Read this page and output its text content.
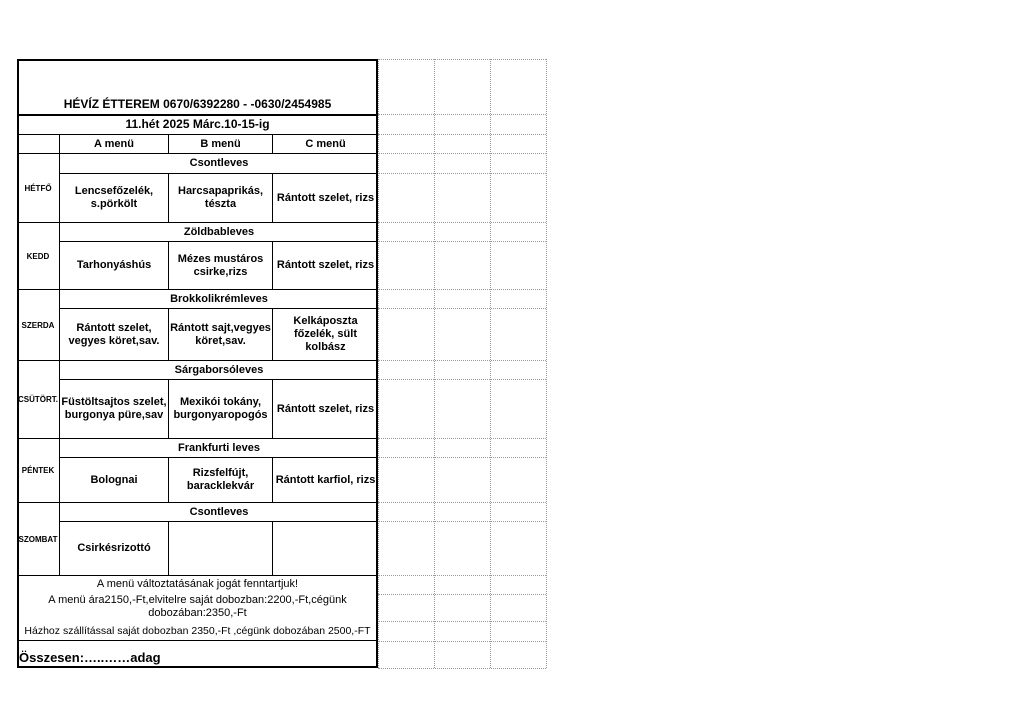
HÉVÍZ ÉTTEREM 0670/6392280 - -0630/2454985
11.hét 2025 Márc.10-15-ig
A menü	B menü	C menü
HÉTFŐ
Csontleves
Lencsefőzelék, s.pörkölt
Harcsapaprikás, tészta
Rántott szelet, rizs
KEDD
Zöldbableves
Tarhonyáshús
Mézes mustáros csirke,rizs
Rántott szelet, rizs
SZERDA
Brokkolikrémleves
Rántott szelet, vegyes köret,sav.
Rántott sajt,vegyes köret,sav.
Kelkáposzta főzelék, sült kolbász
CSÜTÖRT.
Sárgaborsóleves
Füstöltsajtos szelet, burgonya püre,sav
Mexikói tokány, burgonyaropogós
Rántott szelet, rizs
PÉNTEK
Frankfurti leves
Bolognai
Rizsfelfújt, baracklekvár
Rántott karfiol, rizs
SZOMBAT
Csontleves
Csirkésrizottó
A menü változtatásának jogát fenntartjuk!
A menü ára2150,-Ft,elvitelre saját dobozban:2200,-Ft,cégünk dobozában:2350,-Ft
Házhoz szállítással saját dobozban 2350,-Ft ,cégünk dobozában 2500,-FT
Összesen:…..……adag
